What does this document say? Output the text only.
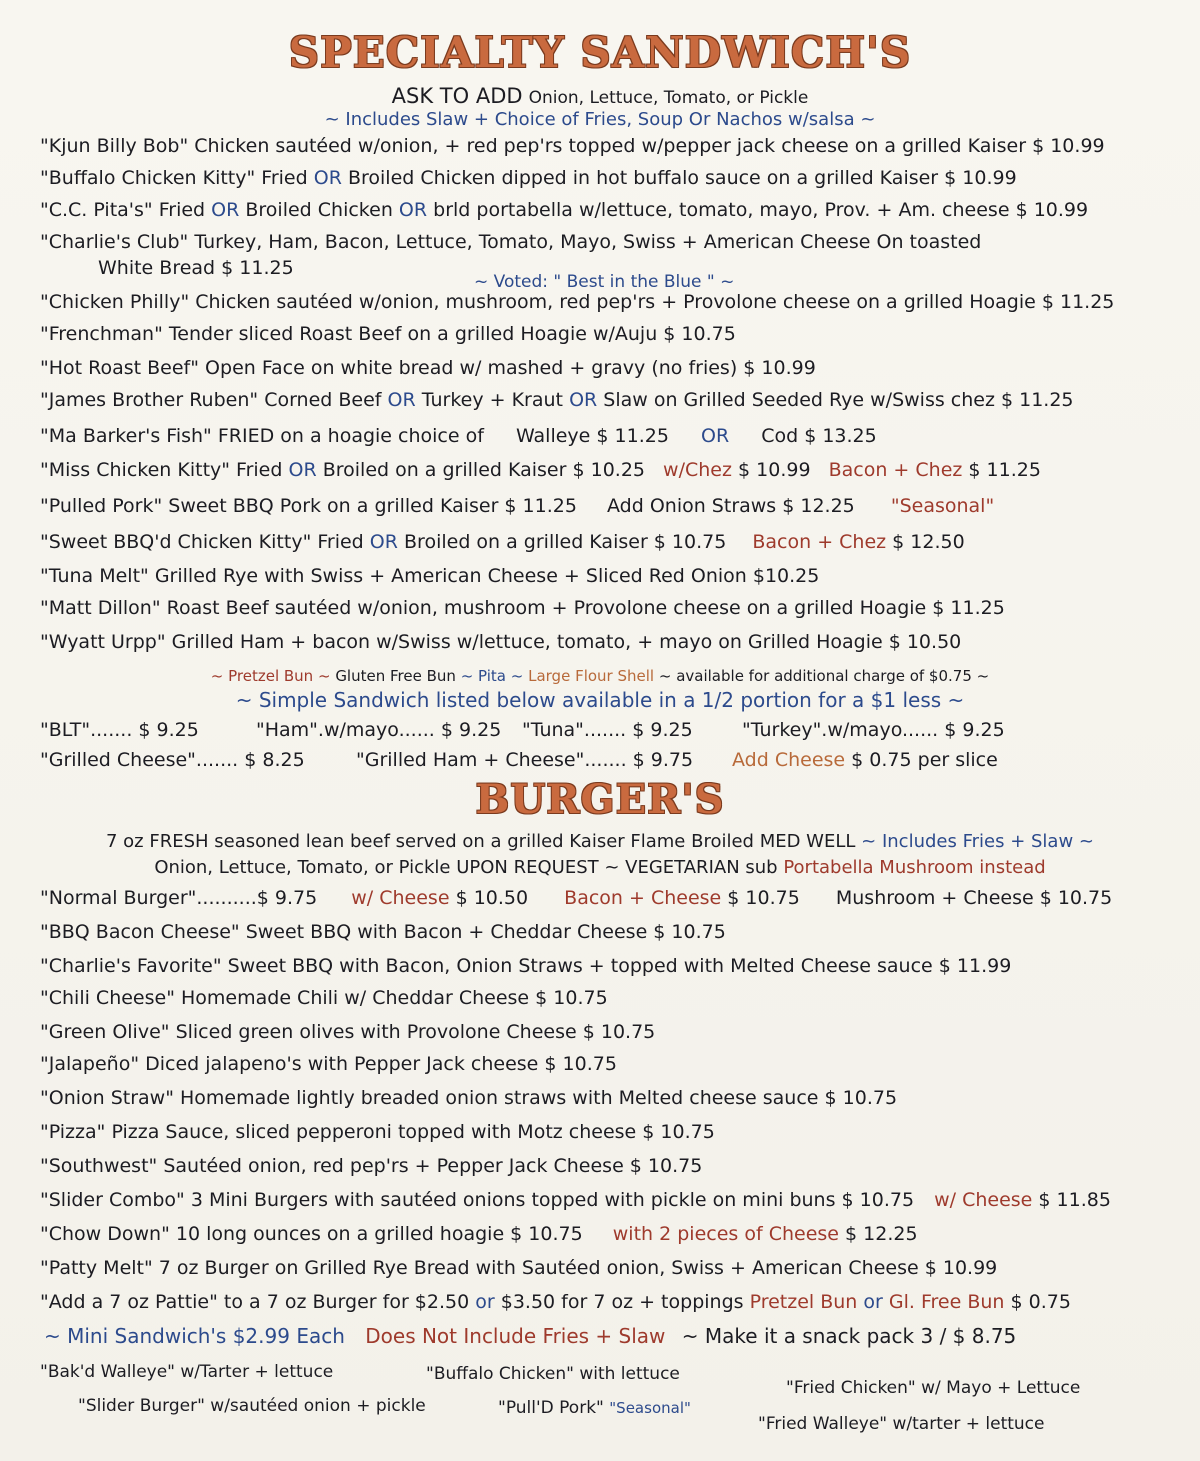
SPECIALTY SANDWICH'S
ASK TO ADD Onion, Lettuce, Tomato, or Pickle
~ Includes Slaw + Choice of Fries, Soup Or Nachos w/salsa ~
"Kjun Billy Bob" Chicken sautéed w/onion, + red pep'rs topped w/pepper jack cheese on a grilled Kaiser $ 10.99
"Buffalo Chicken Kitty" Fried OR Broiled Chicken dipped in hot buffalo sauce on a grilled Kaiser $ 10.99
"C.C. Pita's" Fried OR Broiled Chicken OR brld portabella w/lettuce, tomato, mayo, Prov. + Am. cheese $ 10.99
"Charlie's Club" Turkey, Ham, Bacon, Lettuce, Tomato, Mayo, Swiss + American Cheese On toasted
White Bread $ 11.25
~ Voted: " Best in the Blue " ~
"Chicken Philly" Chicken sautéed w/onion, mushroom, red pep'rs + Provolone cheese on a grilled Hoagie $ 11.25
"Frenchman" Tender sliced Roast Beef on a grilled Hoagie w/Auju $ 10.75
"Hot Roast Beef" Open Face on white bread w/ mashed + gravy (no fries) $ 10.99
"James Brother Ruben" Corned Beef OR Turkey + Kraut OR Slaw on Grilled Seeded Rye w/Swiss chez $ 11.25
"Ma Barker's Fish" FRIED on a hoagie choice of Walleye $ 11.25 OR Cod $ 13.25
"Miss Chicken Kitty" Fried OR Broiled on a grilled Kaiser $ 10.25 w/Chez $ 10.99 Bacon + Chez $ 11.25
"Pulled Pork" Sweet BBQ Pork on a grilled Kaiser $ 11.25 Add Onion Straws $ 12.25 "Seasonal"
"Sweet BBQ'd Chicken Kitty" Fried OR Broiled on a grilled Kaiser $ 10.75 Bacon + Chez $ 12.50
"Tuna Melt" Grilled Rye with Swiss + American Cheese + Sliced Red Onion $10.25
"Matt Dillon" Roast Beef sautéed w/onion, mushroom + Provolone cheese on a grilled Hoagie $ 11.25
"Wyatt Urpp" Grilled Ham + bacon w/Swiss w/lettuce, tomato, + mayo on Grilled Hoagie $ 10.50
~ Pretzel Bun ~ Gluten Free Bun ~ Pita ~ Large Flour Shell ~ available for additional charge of $0.75 ~
~ Simple Sandwich listed below available in a 1/2 portion for a $1 less ~
"BLT"....... $ 9.25	"Ham".w/mayo...... $ 9.25 "Tuna"....... $ 9.25	"Turkey".w/mayo...... $ 9.25
"Grilled Cheese"....... $ 8.25	"Grilled Ham + Cheese"....... $ 9.75 Add Cheese $ 0.75 per slice
BURGER'S
7 oz FRESH seasoned lean beef served on a grilled Kaiser Flame Broiled MED WELL ~ Includes Fries + Slaw ~
Onion, Lettuce, Tomato, or Pickle UPON REQUEST ~ VEGETARIAN sub Portabella Mushroom instead
"Normal Burger"..........$ 9.75 w/ Cheese $ 10.50 Bacon + Cheese $ 10.75 Mushroom + Cheese $ 10.75
"BBQ Bacon Cheese" Sweet BBQ with Bacon + Cheddar Cheese $ 10.75
"Charlie's Favorite" Sweet BBQ with Bacon, Onion Straws + topped with Melted Cheese sauce $ 11.99
"Chili Cheese" Homemade Chili w/ Cheddar Cheese $ 10.75
"Green Olive" Sliced green olives with Provolone Cheese $ 10.75
"Jalapeño" Diced jalapeno's with Pepper Jack cheese $ 10.75
"Onion Straw" Homemade lightly breaded onion straws with Melted cheese sauce $ 10.75
"Pizza" Pizza Sauce, sliced pepperoni topped with Motz cheese $ 10.75
"Southwest" Sautéed onion, red pep'rs + Pepper Jack Cheese $ 10.75
"Slider Combo" 3 Mini Burgers with sautéed onions topped with pickle on mini buns $ 10.75 w/ Cheese $ 11.85
"Chow Down" 10 long ounces on a grilled hoagie $ 10.75 with 2 pieces of Cheese $ 12.25
"Patty Melt" 7 oz Burger on Grilled Rye Bread with Sautéed onion, Swiss + American Cheese $ 10.99
"Add a 7 oz Pattie" to a 7 oz Burger for $2.50 or $3.50 for 7 oz + toppings Pretzel Bun or Gl. Free Bun $ 0.75
~ Mini Sandwich's $2.99 Each Does Not Include Fries + Slaw ~ Make it a snack pack 3 / $ 8.75
"Bak'd Walleye" w/Tarter + lettuce	"Buffalo Chicken" with lettuce
"Fried Chicken" w/ Mayo + Lettuce
"Slider Burger" w/sautéed onion + pickle	"Pull'D Pork" "Seasonal"
"Fried Walleye" w/tarter + lettuce
